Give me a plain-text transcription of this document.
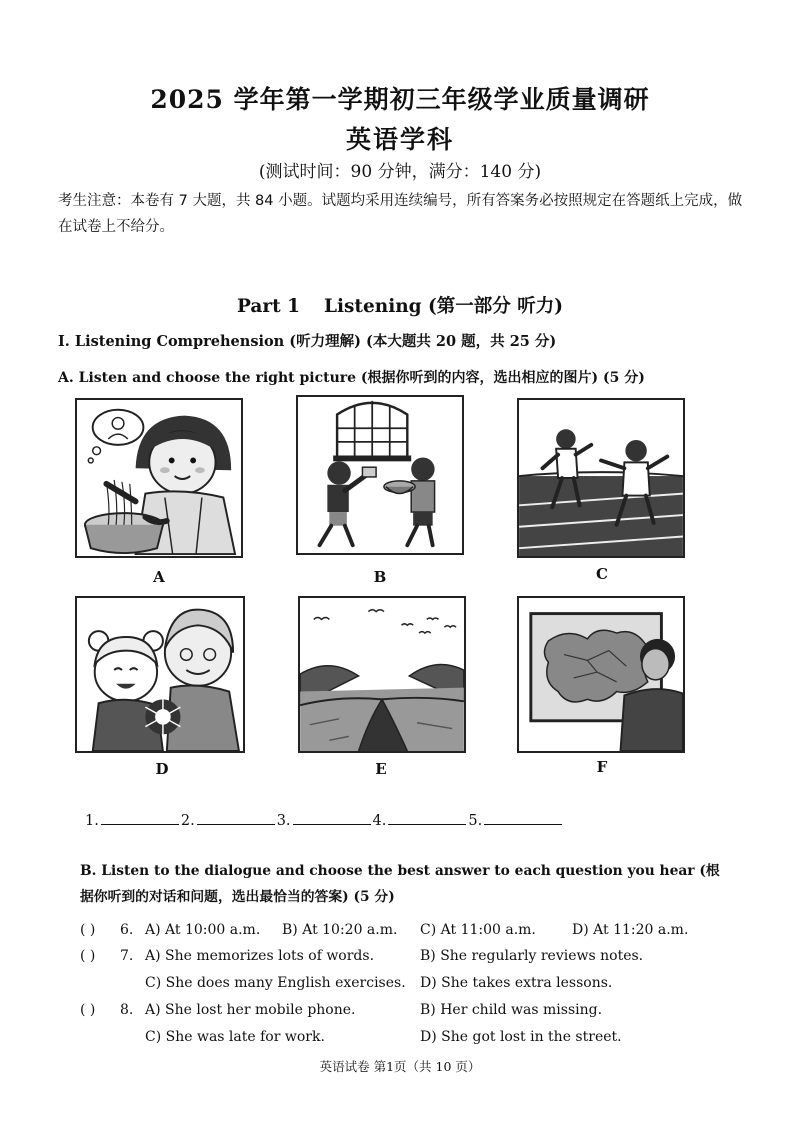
2025 学年第一学期初三年级学业质量调研
英语学科
(测试时间：90 分钟，满分：140 分)
考生注意：本卷有 7 大题，共 84 小题。试题均采用连续编号，所有答案务必按照规定在答题纸上完成，做在试卷上不给分。
Part 1 Listening (第一部分 听力)
I. Listening Comprehension (听力理解) (本大题共 20 题，共 25 分)
A. Listen and choose the right picture (根据你听到的内容，选出相应的图片) (5 分)
A	B	C
D	E	F
1.	2.	3.	4.	5.
B. Listen to the dialogue and choose the best answer to each question you hear (根据你听到的对话和问题，选出最恰当的答案) (5 分)
( ) 6. A) At 10:00 a.m. B) At 10:20 a.m. C) At 11:00 a.m.	D) At 11:20 a.m.
( ) 7. A) She memorizes lots of words.	B) She regularly reviews notes.
C) She does many English exercises. D) She takes extra lessons.
( ) 8. A) She lost her mobile phone.	B) Her child was missing.
C) She was late for work.	D) She got lost in the street.
英语试卷 第1页（共 10 页）
